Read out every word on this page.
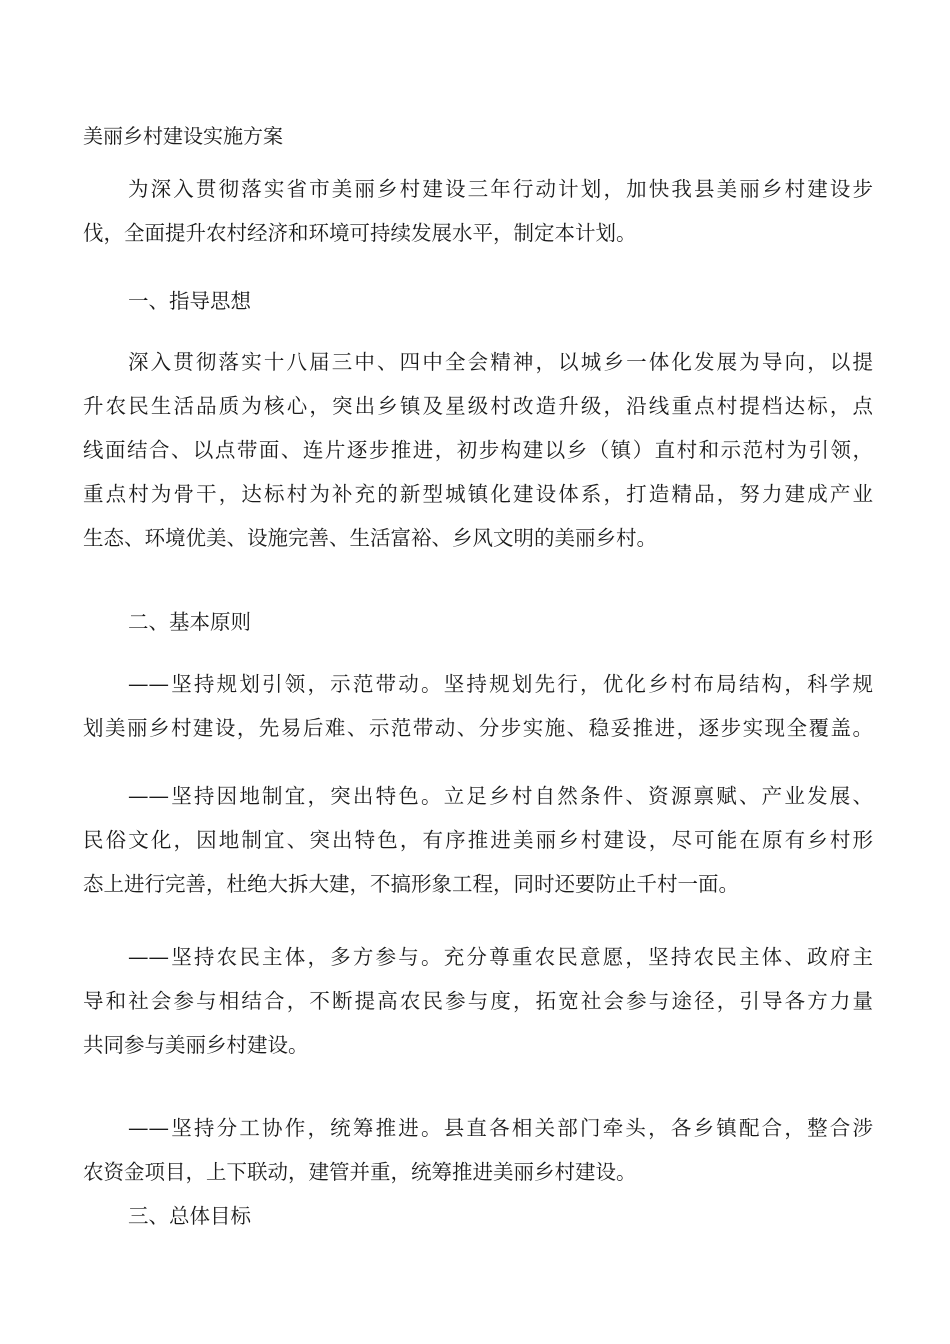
美丽乡村建设实施方案
为深入贯彻落实省市美丽乡村建设三年行动计划，加快我县美丽乡村建设步
伐，全面提升农村经济和环境可持续发展水平，制定本计划。
一、指导思想
深入贯彻落实十八届三中、四中全会精神，以城乡一体化发展为导向，以提
升农民生活品质为核心，突出乡镇及星级村改造升级，沿线重点村提档达标，点
线面结合、以点带面、连片逐步推进，初步构建以乡（镇）直村和示范村为引领，
重点村为骨干，达标村为补充的新型城镇化建设体系，打造精品，努力建成产业
生态、环境优美、设施完善、生活富裕、乡风文明的美丽乡村。
二、基本原则
——坚持规划引领，示范带动。坚持规划先行，优化乡村布局结构，科学规
划美丽乡村建设，先易后难、示范带动、分步实施、稳妥推进，逐步实现全覆盖。
——坚持因地制宜，突出特色。立足乡村自然条件、资源禀赋、产业发展、
民俗文化，因地制宜、突出特色，有序推进美丽乡村建设，尽可能在原有乡村形
态上进行完善，杜绝大拆大建，不搞形象工程，同时还要防止千村一面。
——坚持农民主体，多方参与。充分尊重农民意愿，坚持农民主体、政府主
导和社会参与相结合，不断提高农民参与度，拓宽社会参与途径，引导各方力量
共同参与美丽乡村建设。
——坚持分工协作，统筹推进。县直各相关部门牵头，各乡镇配合，整合涉
农资金项目，上下联动，建管并重，统筹推进美丽乡村建设。
三、总体目标
